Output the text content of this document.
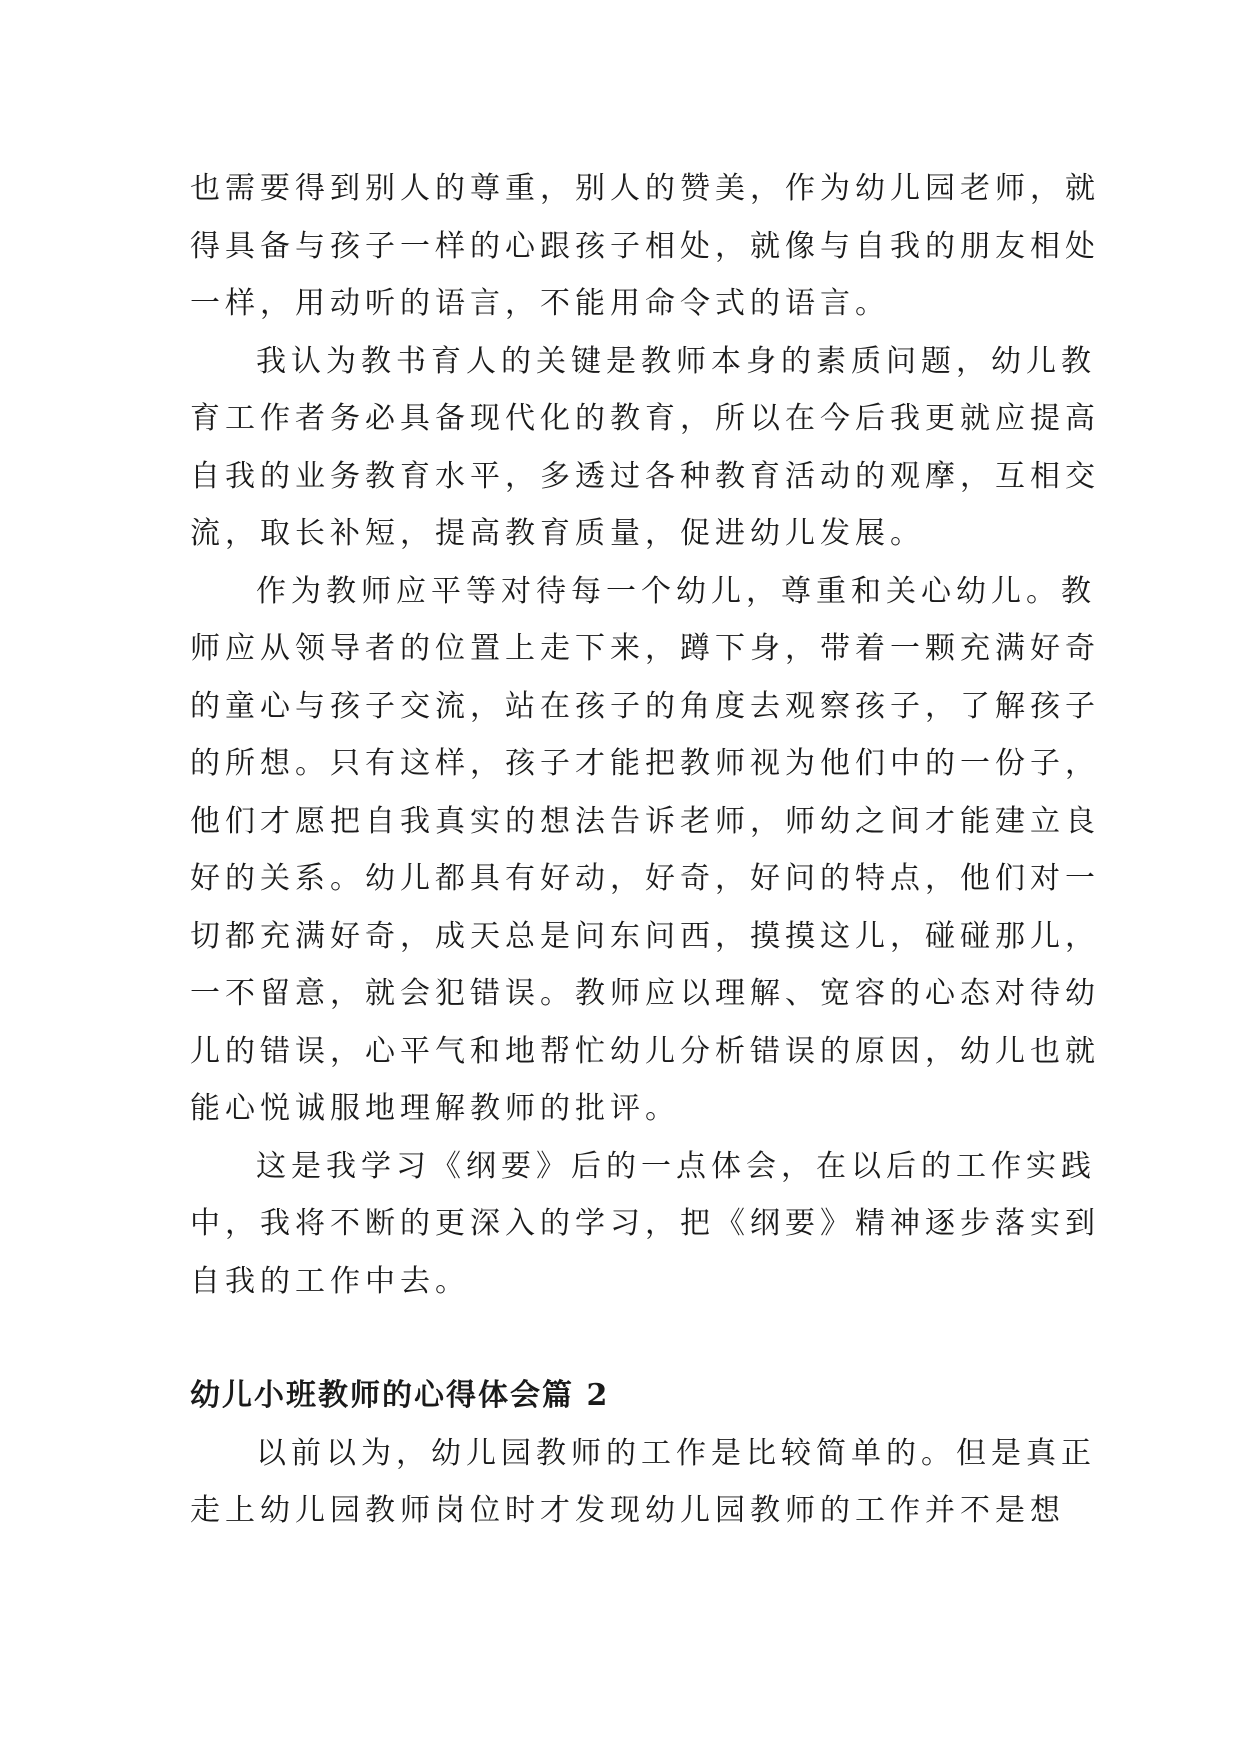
也需要得到别人的尊重，别人的赞美，作为幼儿园老师，就

得具备与孩子一样的心跟孩子相处，就像与自我的朋友相处

一样，用动听的语言，不能用命令式的语言。

我认为教书育人的关键是教师本身的素质问题，幼儿教

育工作者务必具备现代化的教育，所以在今后我更就应提高

自我的业务教育水平，多透过各种教育活动的观摩，互相交

流，取长补短，提高教育质量，促进幼儿发展。

作为教师应平等对待每一个幼儿，尊重和关心幼儿。教

师应从领导者的位置上走下来，蹲下身，带着一颗充满好奇

的童心与孩子交流，站在孩子的角度去观察孩子，了解孩子

的所想。只有这样，孩子才能把教师视为他们中的一份子，

他们才愿把自我真实的想法告诉老师，师幼之间才能建立良

好的关系。幼儿都具有好动，好奇，好问的特点，他们对一

切都充满好奇，成天总是问东问西，摸摸这儿，碰碰那儿，

一不留意，就会犯错误。教师应以理解、宽容的心态对待幼

儿的错误，心平气和地帮忙幼儿分析错误的原因，幼儿也就

能心悦诚服地理解教师的批评。

这是我学习《纲要》后的一点体会，在以后的工作实践

中，我将不断的更深入的学习，把《纲要》精神逐步落实到

自我的工作中去。

幼儿小班教师的心得体会篇 2

以前以为，幼儿园教师的工作是比较简单的。但是真正

走上幼儿园教师岗位时才发现幼儿园教师的工作并不是想
